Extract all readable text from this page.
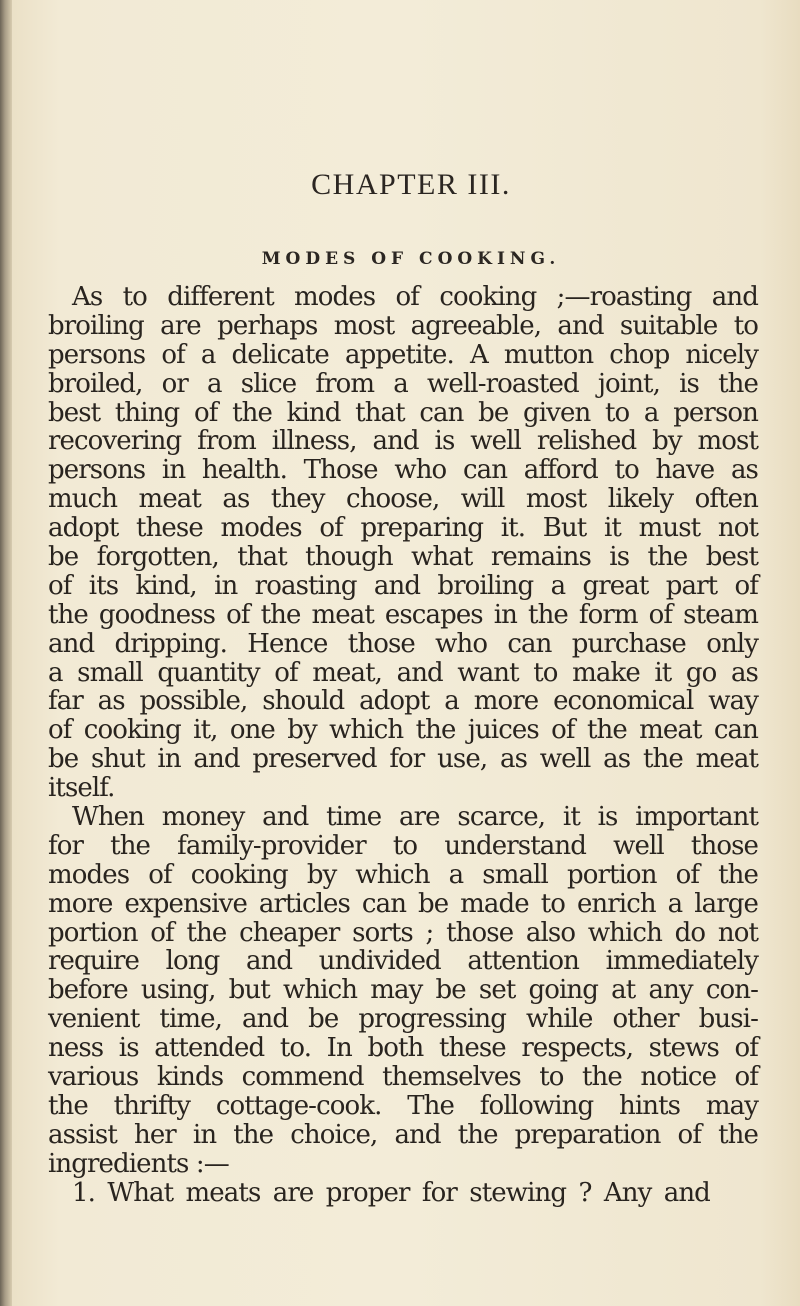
CHAPTER III.
MODES OF COOKING.
As to different modes of cooking ;—roasting and
broiling are perhaps most agreeable, and suitable to
persons of a delicate appetite. A mutton chop nicely
broiled, or a slice from a well-roasted joint, is the
best thing of the kind that can be given to a person
recovering from illness, and is well relished by most
persons in health. Those who can afford to have as
much meat as they choose, will most likely often
adopt these modes of preparing it. But it must not
be forgotten, that though what remains is the best
of its kind, in roasting and broiling a great part of
the goodness of the meat escapes in the form of steam
and dripping. Hence those who can purchase only
a small quantity of meat, and want to make it go as
far as possible, should adopt a more economical way
of cooking it, one by which the juices of the meat can
be shut in and preserved for use, as well as the meat
itself.
When money and time are scarce, it is important
for the family-provider to understand well those
modes of cooking by which a small portion of the
more expensive articles can be made to enrich a large
portion of the cheaper sorts ; those also which do not
require long and undivided attention immediately
before using, but which may be set going at any con-
venient time, and be progressing while other busi-
ness is attended to. In both these respects, stews of
various kinds commend themselves to the notice of
the thrifty cottage-cook. The following hints may
assist her in the choice, and the preparation of the
ingredients :—
1. What meats are proper for stewing ? Any and
